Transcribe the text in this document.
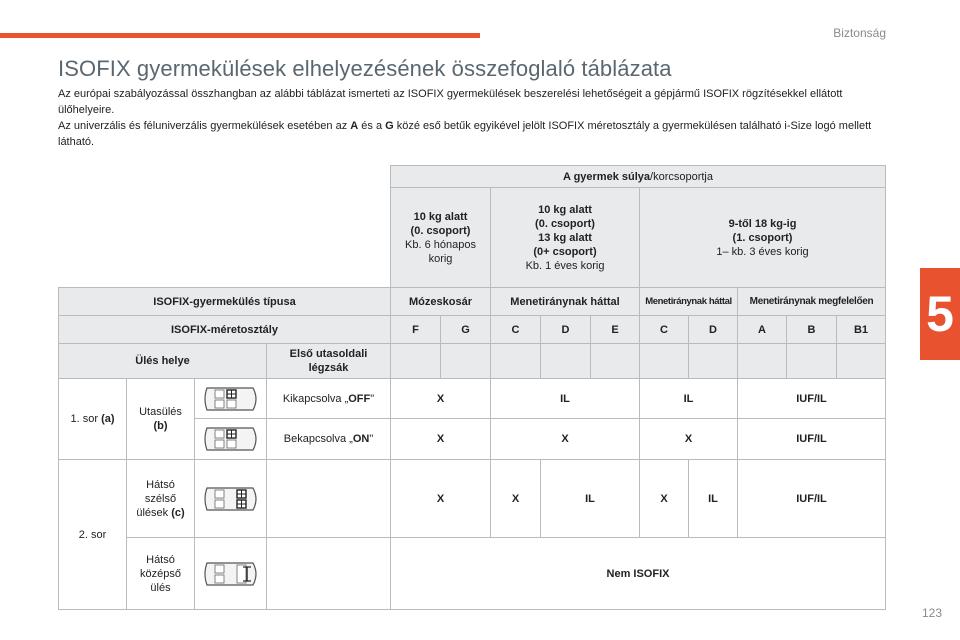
Biztonság
5
123
ISOFIX gyermekülések elhelyezésének összefoglaló táblázata

Az európai szabályozással összhangban az alábbi táblázat ismerteti az ISOFIX gyermekülések beszerelési lehetőségeit a gépjármű ISOFIX rögzítésekkel ellátott ülőhelyeire.

Az univerzális és féluniverzális gyermekülések esetében az A és a G közé eső betűk egyikével jelölt ISOFIX méretosztály a gyermekülésen található i-Size logó mellett látható.

				A gyermek súlya/korcsoportja									
				10 kg alatt
(0. csoport)
Kb. 6 hónapos korig		10 kg alatt
(0. csoport)
13 kg alatt
(0+ csoport)
Kb. 1 éves korig			9-től 18 kg-ig
(1. csoport)
1– kb. 3 éves korig				
ISOFIX-gyermekülés típusa				Mózeskosár		Menetiránynak háttal			Menetiránynak háttal		Menetiránynak megfelelően		
ISOFIX-méretosztály				F	G	C	D	E	C	D	A	B	B1
Ülés helye			Első utasoldali légzsák										
1. sor (a)	Utasülés
(b)		Kikapcsolva „OFF"	X		IL			IL		IUF/IL		

	Bekapcsolva „ON"	X		X			X		IUF/IL		
2. sor	Hátsó
szélső
ülések (c)			X		X	IL		X	IL	IUF/IL		
	Hátsó
középső
ülés			Nem ISOFIX									
